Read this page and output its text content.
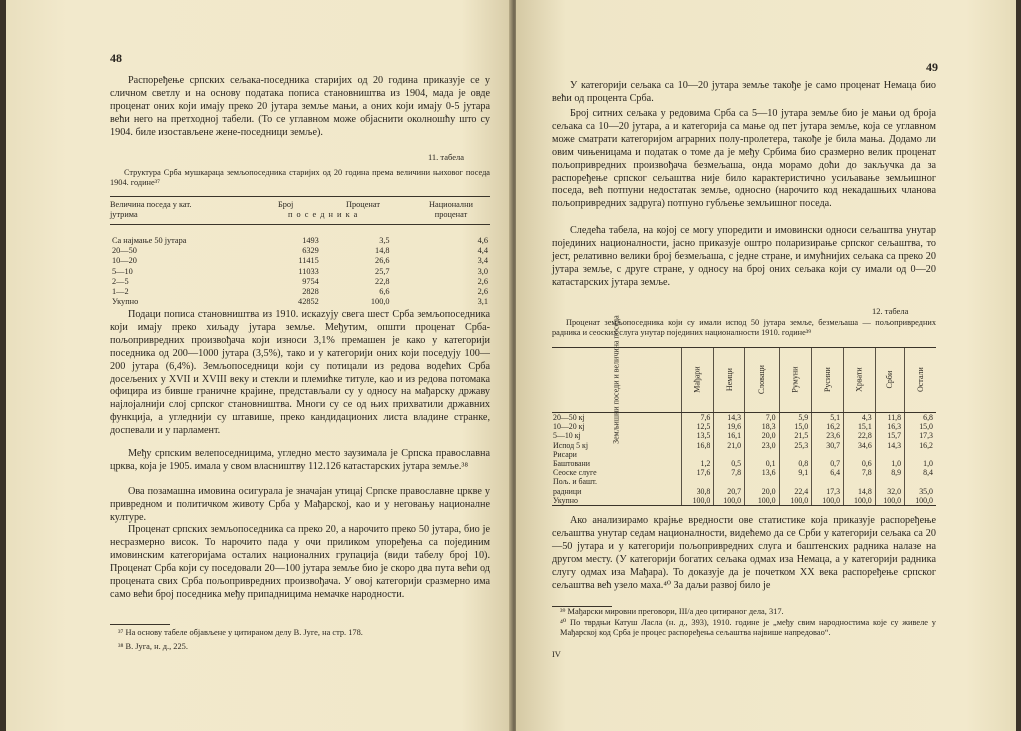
48

Распоређење српских сељака-поседника старијих од 20 година приказује се у сличном светлу и на основу података пописа становништва из 1904, мада је овде проценат оних који имају преко 20 јутара земље мањи, а оних који имају 0-5 јутара већи него на претходној табели. (То се углавном може објаснити околношћу што су 1904. биле изостављене жене-поседници земље).

11. табела
Структура Срба мушкараца земљопоседника старијих од 20 година према величини њиховог поседа 1904. године³⁷
Величина поседа у кат. јутрима
Број	Проценат	Национални проценат
п о с е д н и к а
Са најмање 50 јутара	1493	3,5	4,6
20—50	6329	14,8	4,4
10—20	11415	26,6	3,4
5—10	11033	25,7	3,0
2—5	9754	22,8	2,6
1—2	2828	6,6	2,6
Укупно	42852	100,0	3,1

Подаци пописа становништва из 1910. искazују свега шест Срба земљопоседника који имају преко хиљаду јутара земље. Међутим, општи проценат Срба-пољопривредних произвођача који износи 3,1% премашен је како у категорији поседника од 200—1000 јутара (3,5%), тако и у категорији оних који поседују 100—200 јутара (6,4%). Земљопоседници који су потицали из редова водећих Срба досељених у XVII и XVIII веку и стекли и племићке титуле, као и из редова потомака официра из бивше граничне крајине, представљали су у односу на мађарску државу најлојалнији слој српског становништва. Многи су се од њих прихватили државних функција, а угледнији су штавише, преко кандидационих листа владине странке, доспевали и у парламент.

Међу српским велепоседницима, угледно место заузимала је Српска православна црква, која је 1905. имала у свом власништву 112.126 катастарских јутара земље.³⁸

Ова позамашна имовина осигурала је значајан утицај Српске православне цркве у привредном и политичком животу Срба у Мађарској, као и у неговању националне културе.

Проценат српских земљопоседника са преко 20, а нарочито преко 50 јутара, био је несразмерно висок. То нарочито пада у очи приликом упоређења са појединим имовинским категоријама осталих националних групација (види табелу број 10). Проценат Срба који су поседовали 20—100 јутара земље био је скоро два пута већи од процената свих Срба пољопривредних произвођача. У овој категорији сразмерно има само већи број поседника међу припадницима немачке народности.

³⁷ На основу табеле објављене у цитираном делу В. Југе, на стр. 178.
³⁸ В. Југа, н. д., 225.
49

У категорији сељака са 10—20 јутара земље такође је само проценат Немаца био већи од процента Срба.

Број ситних сељака у редовима Срба са 5—10 јутара земље био је мањи од броја сељака са 10—20 јутара, а и категорија са мање од пет јутара земље, која се углавном може сматрати категоријом аграрних полу-пролетера, такође је била мања. Додамо ли овим чињеницама и податак о томе да је међу Србима био сразмерно велик проценат пољопривредних произвођача безмељаша, онда морамо доћи до закључка да за распоређење српског сељаштва није било карактеристично усиљавање земљишног поседа, већ потпуни недостатак земље, односно (нарочито код некадашњих чланова пољопривредних задруга) потпуно губљење земљишног поседа.

Следећа табела, на којој се могу упоредити и имовински односи сељаштва унутар појединих националности, јасно приказује оштро поларизирање српског сељаштва, то јест, релативно велики број безмељаша, с једне стране, и имућнијих сељака са преко 20 јутара земље, с друге стране, у односу на број оних сељака који су имали од 0—20 катастарских јутара земље.

12. табела
Проценат земљопоседника који су имали испод 50 јутара земље, безмељаша — пољопривредних радника и сеоских слуга унутар појединих националности 1910. године³⁹
Земљишни поседи и величина поседа	Мађари	Немци	Словаци	Румуни	Русини	Хрвати	Срби	Остали
20—50 кј	7,6	14,3	7,0	5,9	5,1	4,3	11,8	6,8
10—20 кј	12,5	19,6	18,3	15,0	16,2	15,1	16,3	15,0
5—10 кј	13,5	16,1	20,0	21,5	23,6	22,8	15,7	17,3
Испод 5 кј	16,8	21,0	23,0	25,3	30,7	34,6	14,3	16,2
Рисари								
Баштовани	1,2	0,5	0,1	0,8	0,7	0,6	1,0	1,0
Сеоске слуге	17,6	7,8	13,6	9,1	6,4	7,8	8,9	8,4
Пољ. и башт.								
радници	30,8	20,7	20,0	22,4	17,3	14,8	32,0	35,0
Укупно	100,0	100,0	100,0	100,0	100,0	100,0	100,0	100,0

Ако анализирамо крајње вредности ове статистике која приказује распоређење сељаштва унутар седам националности, видећемо да се Срби у категорији сељака са 20—50 јутара и у категорији пољопривредних слуга и баштенских радника налазе на другом месту. (У категорији богатих сељака одмах иза Немаца, а у категорији радника слугу одмах иза Мађара). То доказује да је почетком XX века распоређење српског сељаштва већ узело маха.⁴⁰ За даљи развој било је

³⁹ Мађарски мировни преговори, III/а део цитираног дела, 317.
⁴⁰ По тврдњи Катуш Ласла (н. д., 393), 1910. године је „међу свим народностима које су живеле у Мађарској код Срба је процес распоређења сељаштва највише напредовао“.
IV
